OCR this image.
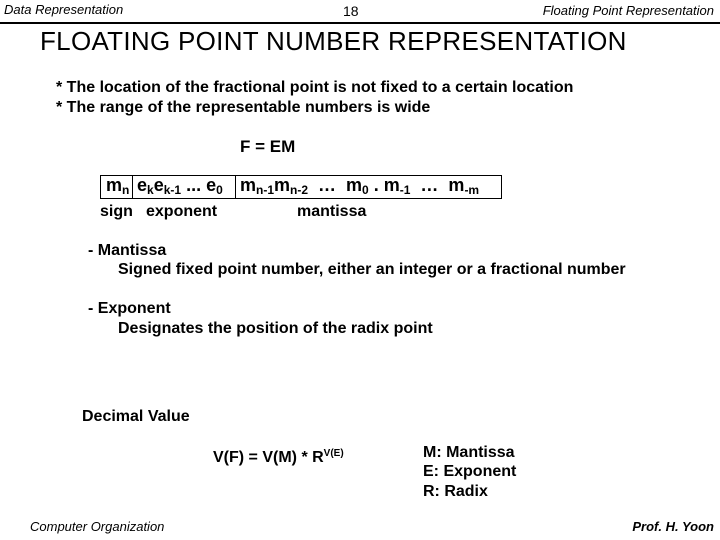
Data Representation	18	Floating Point Representation
FLOATING POINT NUMBER REPRESENTATION
* The location of the fractional point is not fixed to a certain location
* The range of the representable numbers is wide
F = EM
$m_n$ $e_ke_{k-1}$ ... $e_0$ $m_{n-1}m_{n-2}$  …  $m_0$ . $m_{-1}$  …  $m_{-m}$
sign exponent	mantissa
- Mantissa
Signed fixed point number, either an integer or a fractional number
- Exponent
Designates the position of the radix point
Decimal Value
$V(F) = V(M) * R^{V(E)}$	M: Mantissa
E: Exponent
R: Radix
Computer Organization	Prof. H. Yoon
